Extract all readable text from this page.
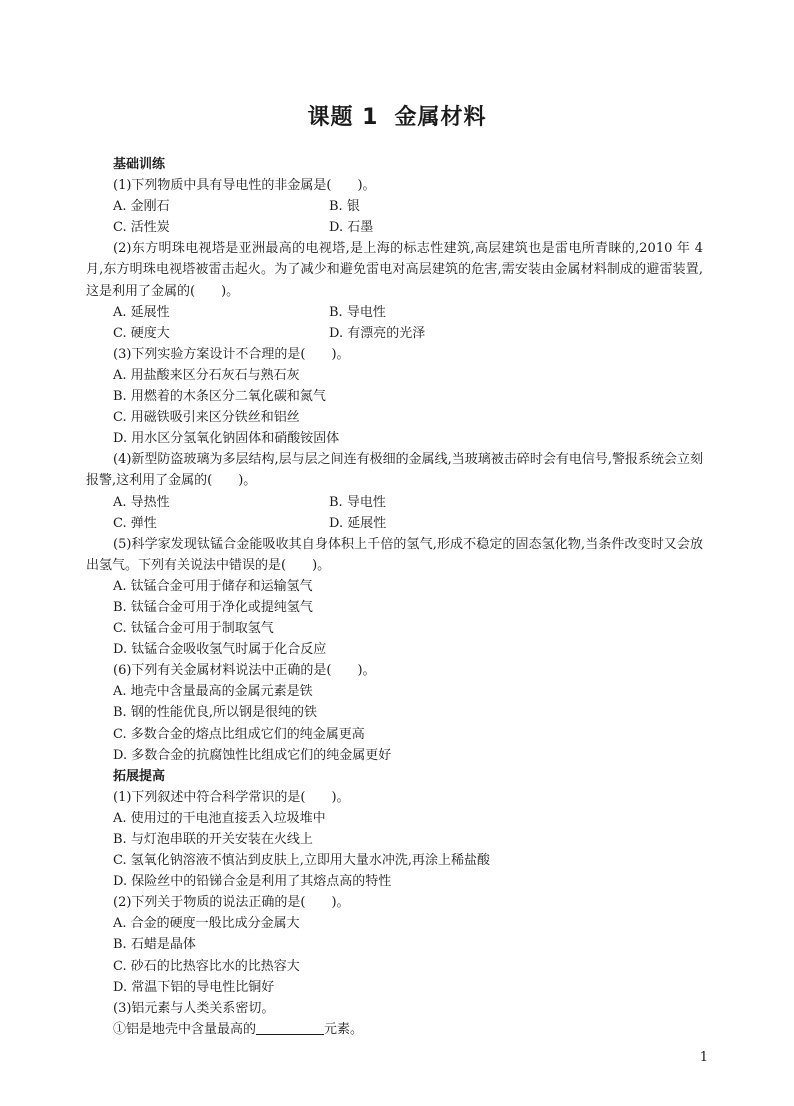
课题 1 金属材料
基础训练
(1)下列物质中具有导电性的非金属是(　　)。
A. 金刚石	B. 银
C. 活性炭	D. 石墨
(2)东方明珠电视塔是亚洲最高的电视塔,是上海的标志性建筑,高层建筑也是雷电所青睐的,2010 年 4 月,东方明珠电视塔被雷击起火。为了减少和避免雷电对高层建筑的危害,需安装由金属材料制成的避雷装置,这是利用了金属的(　　)。
A. 延展性	B. 导电性
C. 硬度大	D. 有漂亮的光泽
(3)下列实验方案设计不合理的是(　　)。
A. 用盐酸来区分石灰石与熟石灰
B. 用燃着的木条区分二氧化碳和氮气
C. 用磁铁吸引来区分铁丝和铝丝
D. 用水区分氢氧化钠固体和硝酸铵固体
(4)新型防盗玻璃为多层结构,层与层之间连有极细的金属线,当玻璃被击碎时会有电信号,警报系统会立刻报警,这利用了金属的(　　)。
A. 导热性	B. 导电性
C. 弹性	D. 延展性
(5)科学家发现钛锰合金能吸收其自身体积上千倍的氢气,形成不稳定的固态氢化物,当条件改变时又会放出氢气。下列有关说法中错误的是(　　)。
A. 钛锰合金可用于储存和运输氢气
B. 钛锰合金可用于净化或提纯氢气
C. 钛锰合金可用于制取氢气
D. 钛锰合金吸收氢气时属于化合反应
(6)下列有关金属材料说法中正确的是(　　)。
A. 地壳中含量最高的金属元素是铁
B. 钢的性能优良,所以钢是很纯的铁
C. 多数合金的熔点比组成它们的纯金属更高
D. 多数合金的抗腐蚀性比组成它们的纯金属更好
拓展提高
(1)下列叙述中符合科学常识的是(　　)。
A. 使用过的干电池直接丢入垃圾堆中
B. 与灯泡串联的开关安装在火线上
C. 氢氧化钠溶液不慎沾到皮肤上,立即用大量水冲洗,再涂上稀盐酸
D. 保险丝中的铅锑合金是利用了其熔点高的特性
(2)下列关于物质的说法正确的是(　　)。
A. 合金的硬度一般比成分金属大
B. 石蜡是晶体
C. 砂石的比热容比水的比热容大
D. 常温下铝的导电性比铜好
(3)铝元素与人类关系密切。
①铝是地壳中含量最高的	元素。
1
